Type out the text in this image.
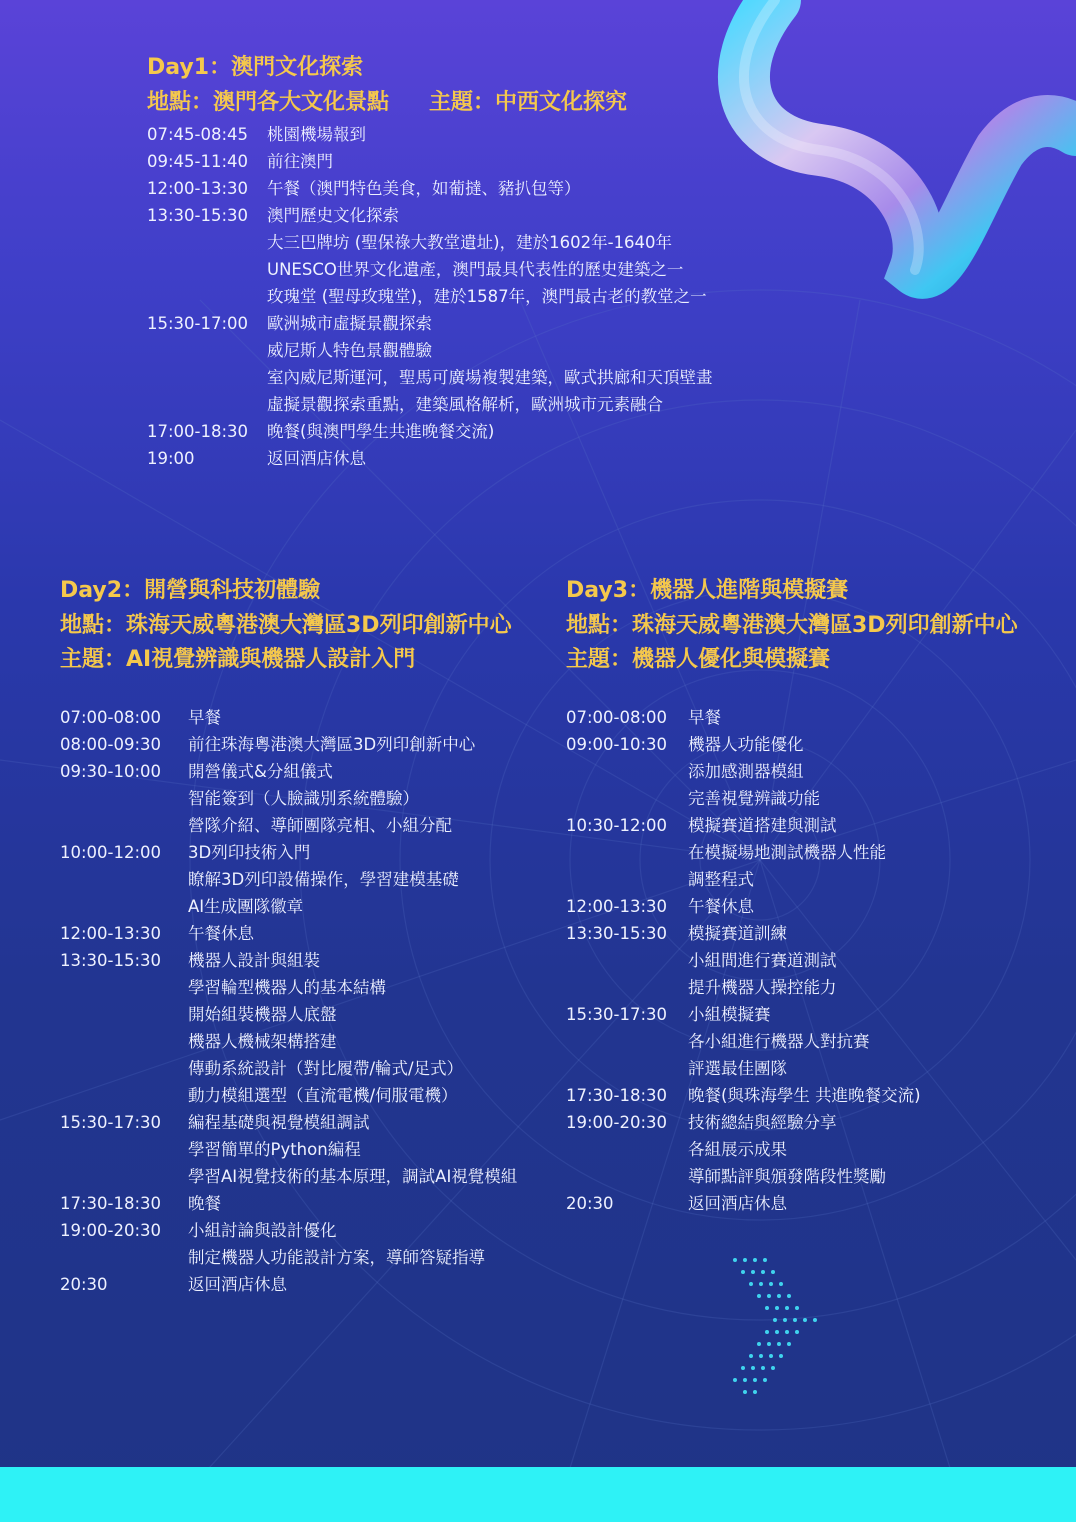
Day1：澳門文化探索
地點：澳門各大文化景點 主題：中西文化探究
07:45-08:45 桃園機場報到
09:45-11:40 前往澳門
12:00-13:30 午餐（澳門特色美食，如葡撻、豬扒包等）
13:30-15:30 澳門歷史文化探索
大三巴牌坊 (聖保祿大教堂遺址)，建於1602年-1640年
UNESCO世界文化遺產，澳門最具代表性的歷史建築之一
玫瑰堂 (聖母玫瑰堂)，建於1587年，澳門最古老的教堂之一
15:30-17:00 歐洲城市虛擬景觀探索
威尼斯人特色景觀體驗
室內威尼斯運河，聖馬可廣場複製建築，歐式拱廊和天頂壁畫
虛擬景觀探索重點，建築風格解析，歐洲城市元素融合
17:00-18:30 晚餐(與澳門學生共進晚餐交流)
19:00	返回酒店休息
Day2：開營與科技初體驗
地點：珠海天威粵港澳大灣區3D列印創新中心
主題：AI視覺辨識與機器人設計入門
07:00-08:00 早餐
08:00-09:30 前往珠海粵港澳大灣區3D列印創新中心
09:30-10:00 開營儀式&分組儀式
智能簽到（人臉識別系統體驗）
營隊介紹、導師團隊亮相、小組分配
10:00-12:00 3D列印技術入門
瞭解3D列印設備操作，學習建模基礎
AI生成團隊徽章
12:00-13:30 午餐休息
13:30-15:30 機器人設計與組裝
學習輪型機器人的基本結構
開始組裝機器人底盤
機器人機械架構搭建
傳動系統設計（對比履帶/輪式/足式）
動力模組選型（直流電機/伺服電機）
15:30-17:30 編程基礎與視覺模組調試
學習簡單的Python編程
學習AI視覺技術的基本原理，調試AI視覺模組
17:30-18:30 晚餐
19:00-20:30 小組討論與設計優化
制定機器人功能設計方案，導師答疑指導
20:30	返回酒店休息
Day3：機器人進階與模擬賽
地點：珠海天威粵港澳大灣區3D列印創新中心
主題：機器人優化與模擬賽
07:00-08:00 早餐
09:00-10:30 機器人功能優化
添加感測器模組
完善視覺辨識功能
10:30-12:00 模擬賽道搭建與測試
在模擬場地測試機器人性能
調整程式
12:00-13:30 午餐休息
13:30-15:30 模擬賽道訓練
小組間進行賽道測試
提升機器人操控能力
15:30-17:30 小組模擬賽
各小組進行機器人對抗賽
評選最佳團隊
17:30-18:30 晚餐(與珠海學生 共進晚餐交流)
19:00-20:30 技術總結與經驗分享
各組展示成果
導師點評與頒發階段性獎勵
20:30	返回酒店休息
